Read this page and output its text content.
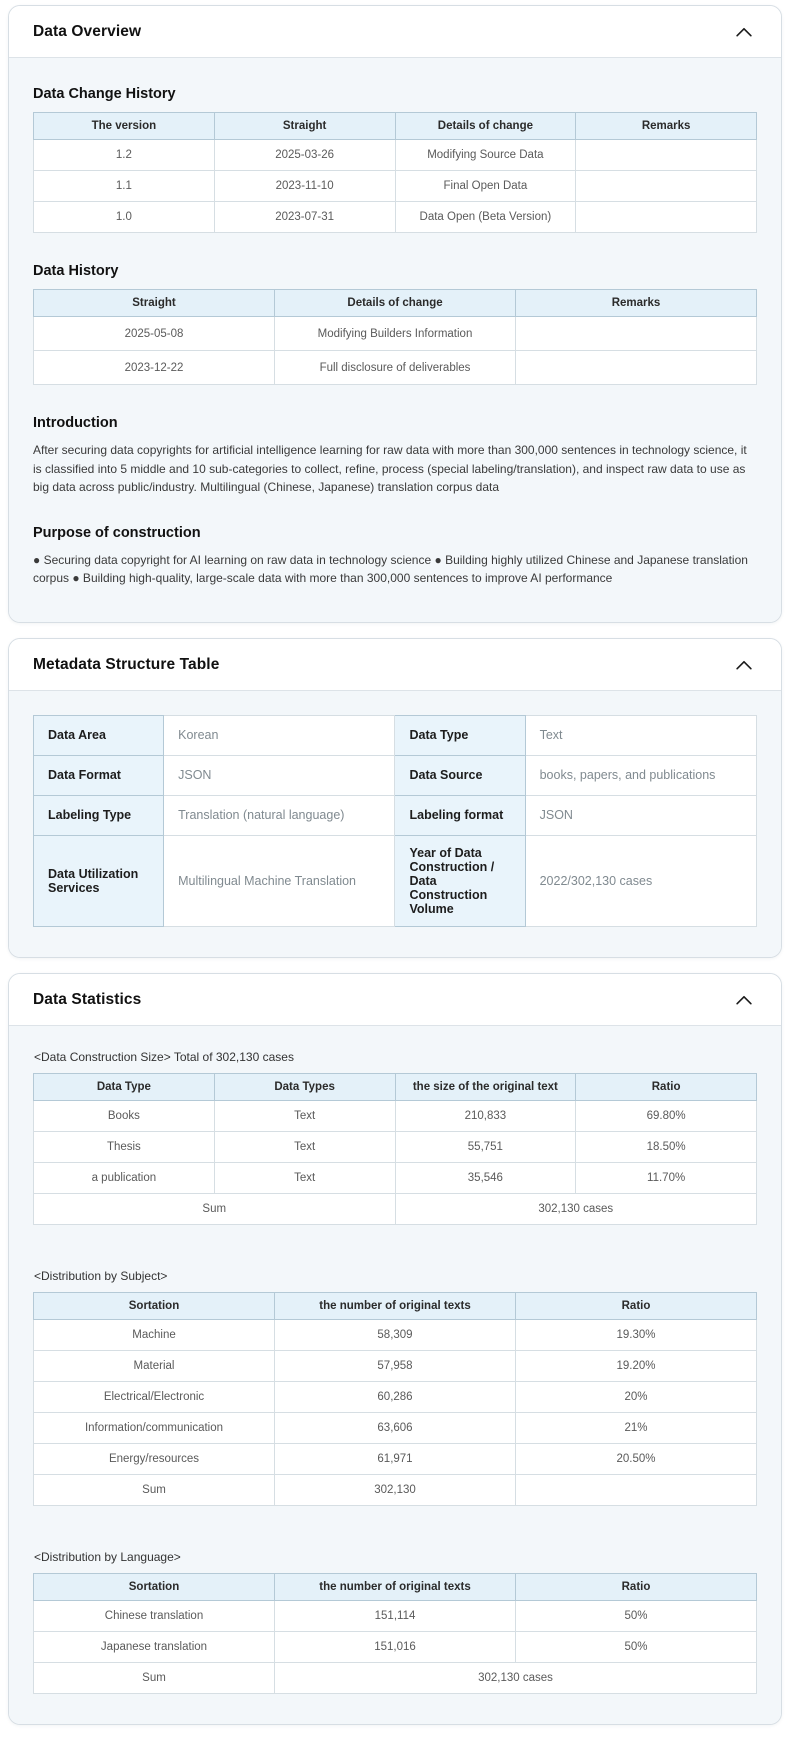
Data Overview
Data Change History
The version	Straight	Details of change	Remarks
1.2	2025-03-26	Modifying Source Data	
1.1	2023-11-10	Final Open Data	
1.0	2023-07-31	Data Open (Beta Version)	
Data History
Straight	Details of change	Remarks
2025-05-08	Modifying Builders Information	
2023-12-22	Full disclosure of deliverables	
Introduction

After securing data copyrights for artificial intelligence learning for raw data with more than 300,000 sentences in technology science, it is classified into 5 middle and 10 sub-categories to collect, refine, process (special labeling/translation), and inspect raw data to use as big data across public/industry. Multilingual (Chinese, Japanese) translation corpus data

Purpose of construction

● Securing data copyright for AI learning on raw data in technology science ● Building highly utilized Chinese and Japanese translation corpus ● Building high-quality, large-scale data with more than 300,000 sentences to improve AI performance

Metadata Structure Table
Data Area	Korean	Data Type	Text
Data Format	JSON	Data Source	books, papers, and publications
Labeling Type	Translation (natural language)	Labeling format	JSON
Data Utilization Services	Multilingual Machine Translation	Year of Data Construction / Data Construction Volume	2022/302,130 cases
Data Statistics

<Data Construction Size> Total of 302,130 cases

Data Type	Data Types	the size of the original text	Ratio
Books	Text	210,833	69.80%
Thesis	Text	55,751	18.50%
a publication	Text	35,546	11.70%
Sum		302,130 cases	

<Distribution by Subject>

Sortation	the number of original texts	Ratio
Machine	58,309	19.30%
Material	57,958	19.20%
Electrical/Electronic	60,286	20%
Information/communication	63,606	21%
Energy/resources	61,971	20.50%
Sum	302,130	

<Distribution by Language>

Sortation	the number of original texts	Ratio
Chinese translation	151,114	50%
Japanese translation	151,016	50%
Sum	302,130 cases	
